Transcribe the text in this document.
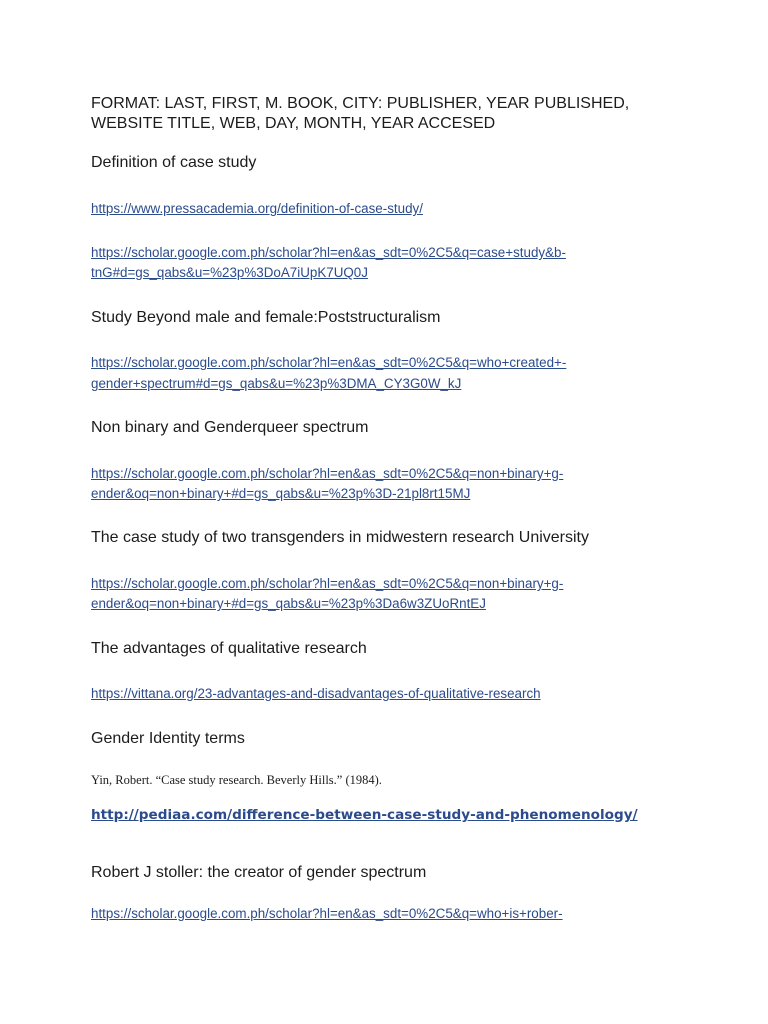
FORMAT: LAST, FIRST, M. BOOK, CITY: PUBLISHER, YEAR PUBLISHED,

WEBSITE TITLE, WEB, DAY, MONTH, YEAR ACCESED

Definition of case study

https://www.pressacademia.org/definition-of-case-study/
https://scholar.google.com.ph/scholar?hl=en&as_sdt=0%2C5&q=case+study&b-
tnG#d=gs_qabs&u=%23p%3DoA7iUpK7UQ0J

Study Beyond male and female:Poststructuralism

https://scholar.google.com.ph/scholar?hl=en&as_sdt=0%2C5&q=who+created+-
gender+spectrum#d=gs_qabs&u=%23p%3DMA_CY3G0W_kJ

Non binary and Genderqueer spectrum

https://scholar.google.com.ph/scholar?hl=en&as_sdt=0%2C5&q=non+binary+g-
ender&oq=non+binary+#d=gs_qabs&u=%23p%3D-21pl8rt15MJ

The case study of two transgenders in midwestern research University

https://scholar.google.com.ph/scholar?hl=en&as_sdt=0%2C5&q=non+binary+g-
ender&oq=non+binary+#d=gs_qabs&u=%23p%3Da6w3ZUoRntEJ

The advantages of qualitative research

https://vittana.org/23-advantages-and-disadvantages-of-qualitative-research

Gender Identity terms

Yin, Robert. “Case study research. Beverly Hills.” (1984).

http://pediaa.com/difference-between-case-study-and-phenomenology/

Robert J stoller: the creator of gender spectrum

https://scholar.google.com.ph/scholar?hl=en&as_sdt=0%2C5&q=who+is+rober-
